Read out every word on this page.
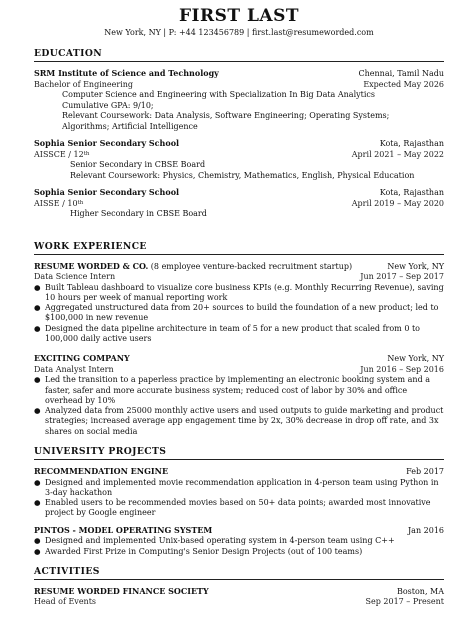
FIRST LAST
New York, NY | P: +44 123456789 | first.last@resumeworded.com
EDUCATION
SRM Institute of Science and Technology	Chennai, Tamil Nadu
Bachelor of Engineering	Expected May 2026
Computer Science and Engineering with Specialization In Big Data Analytics
Cumulative GPA: 9/10;
Relevant Coursework: Data Analysis, Software Engineering; Operating Systems;
Algorithms; Artificial Intelligence
Sophia Senior Secondary School	Kota, Rajasthan
AISSCE / 12th	April 2021 – May 2022
Senior Secondary in CBSE Board
Relevant Coursework: Physics, Chemistry, Mathematics, English, Physical Education
Sophia Senior Secondary School	Kota, Rajasthan
AISSE / 10th	April 2019 – May 2020
Higher Secondary in CBSE Board
WORK EXPERIENCE
RESUME WORDED & CO. (8 employee venture-backed recruitment startup)	New York, NY
Data Science Intern	Jun 2017 – Sep 2017
● Built Tableau dashboard to visualize core business KPIs (e.g. Monthly Recurring Revenue), saving 10 hours per week of manual reporting work
● Aggregated unstructured data from 20+ sources to build the foundation of a new product; led to $100,000 in new revenue
● Designed the data pipeline architecture in team of 5 for a new product that scaled from 0 to 100,000 daily active users
EXCITING COMPANY	New York, NY
Data Analyst Intern	Jun 2016 – Sep 2016
● Led the transition to a paperless practice by implementing an electronic booking system and a faster, safer and more accurate business system; reduced cost of labor by 30% and office overhead by 10%
● Analyzed data from 25000 monthly active users and used outputs to guide marketing and product strategies; increased average app engagement time by 2x, 30% decrease in drop off rate, and 3x shares on social media
UNIVERSITY PROJECTS
RECOMMENDATION ENGINE	Feb 2017
● Designed and implemented movie recommendation application in 4-person team using Python in 3-day hackathon
● Enabled users to be recommended movies based on 50+ data points; awarded most innovative project by Google engineer
PINTOS - MODEL OPERATING SYSTEM	Jan 2016
● Designed and implemented Unix-based operating system in 4-person team using C++
● Awarded First Prize in Computing's Senior Design Projects (out of 100 teams)
ACTIVITIES
RESUME WORDED FINANCE SOCIETY	Boston, MA
Head of Events	Sep 2017 – Present
